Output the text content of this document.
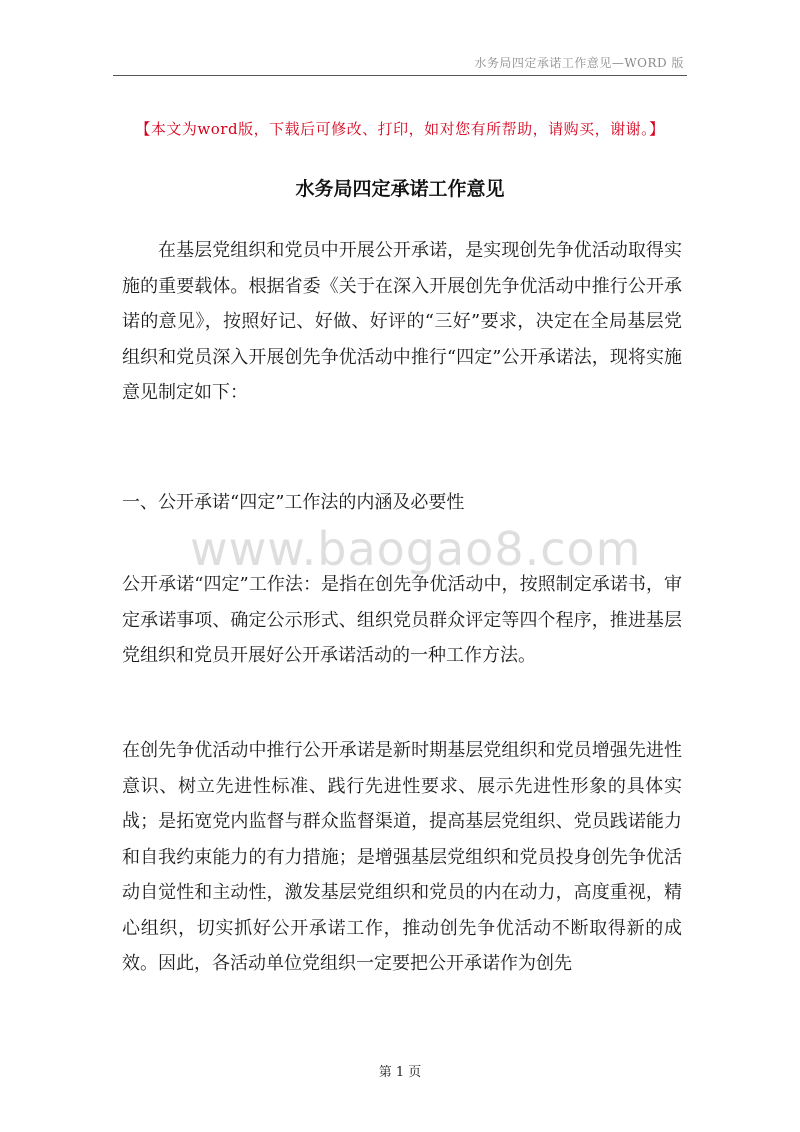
水务局四定承诺工作意见—WORD 版
【本文为word版，下载后可修改、打印，如对您有所帮助，请购买，谢谢。】
水务局四定承诺工作意见

在基层党组织和党员中开展公开承诺，是实现创先争优活动取得实施的重要载体。根据省委《关于在深入开展创先争优活动中推行公开承诺的意见》，按照好记、好做、好评的“三好”要求，决定在全局基层党组织和党员深入开展创先争优活动中推行“四定”公开承诺法，现将实施意见制定如下：

一、公开承诺“四定”工作法的内涵及必要性

www.baogao8.com

公开承诺“四定”工作法：是指在创先争优活动中，按照制定承诺书，审定承诺事项、确定公示形式、组织党员群众评定等四个程序，推进基层党组织和党员开展好公开承诺活动的一种工作方法。

在创先争优活动中推行公开承诺是新时期基层党组织和党员增强先进性意识、树立先进性标准、践行先进性要求、展示先进性形象的具体实战；是拓宽党内监督与群众监督渠道，提高基层党组织、党员践诺能力和自我约束能力的有力措施；是增强基层党组织和党员投身创先争优活动自觉性和主动性，激发基层党组织和党员的内在动力，高度重视，精心组织，切实抓好公开承诺工作，推动创先争优活动不断取得新的成效。因此，各活动单位党组织一定要把公开承诺作为创先

第 1 页
